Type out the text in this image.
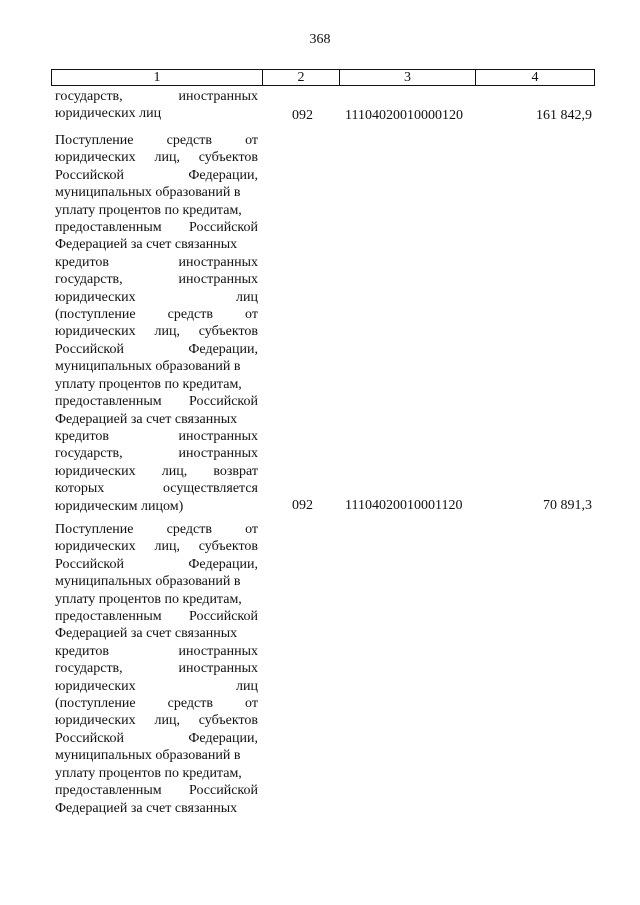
368
1	2	3	4
государств,	иностранных
юридических лиц	092 11104020010000120	161 842,9
Поступление средств от
юридических лиц, субъектов
Российской	Федерации,
муниципальных образований в
уплату процентов по кредитам,
предоставленным Российской
Федерацией за счет связанных
кредитов	иностранных
государств,	иностранных
юридических	лиц
(поступление средств от
юридических лиц, субъектов
Российской	Федерации,
муниципальных образований в
уплату процентов по кредитам,
предоставленным Российской
Федерацией за счет связанных
кредитов	иностранных
государств,	иностранных
юридических лиц, возврат
которых	осуществляется
юридическим лицом)	092 11104020010001120	70 891,3
Поступление средств от
юридических лиц, субъектов
Российской	Федерации,
муниципальных образований в
уплату процентов по кредитам,
предоставленным Российской
Федерацией за счет связанных
кредитов	иностранных
государств,	иностранных
юридических	лиц
(поступление средств от
юридических лиц, субъектов
Российской	Федерации,
муниципальных образований в
уплату процентов по кредитам,
предоставленным Российской
Федерацией за счет связанных
